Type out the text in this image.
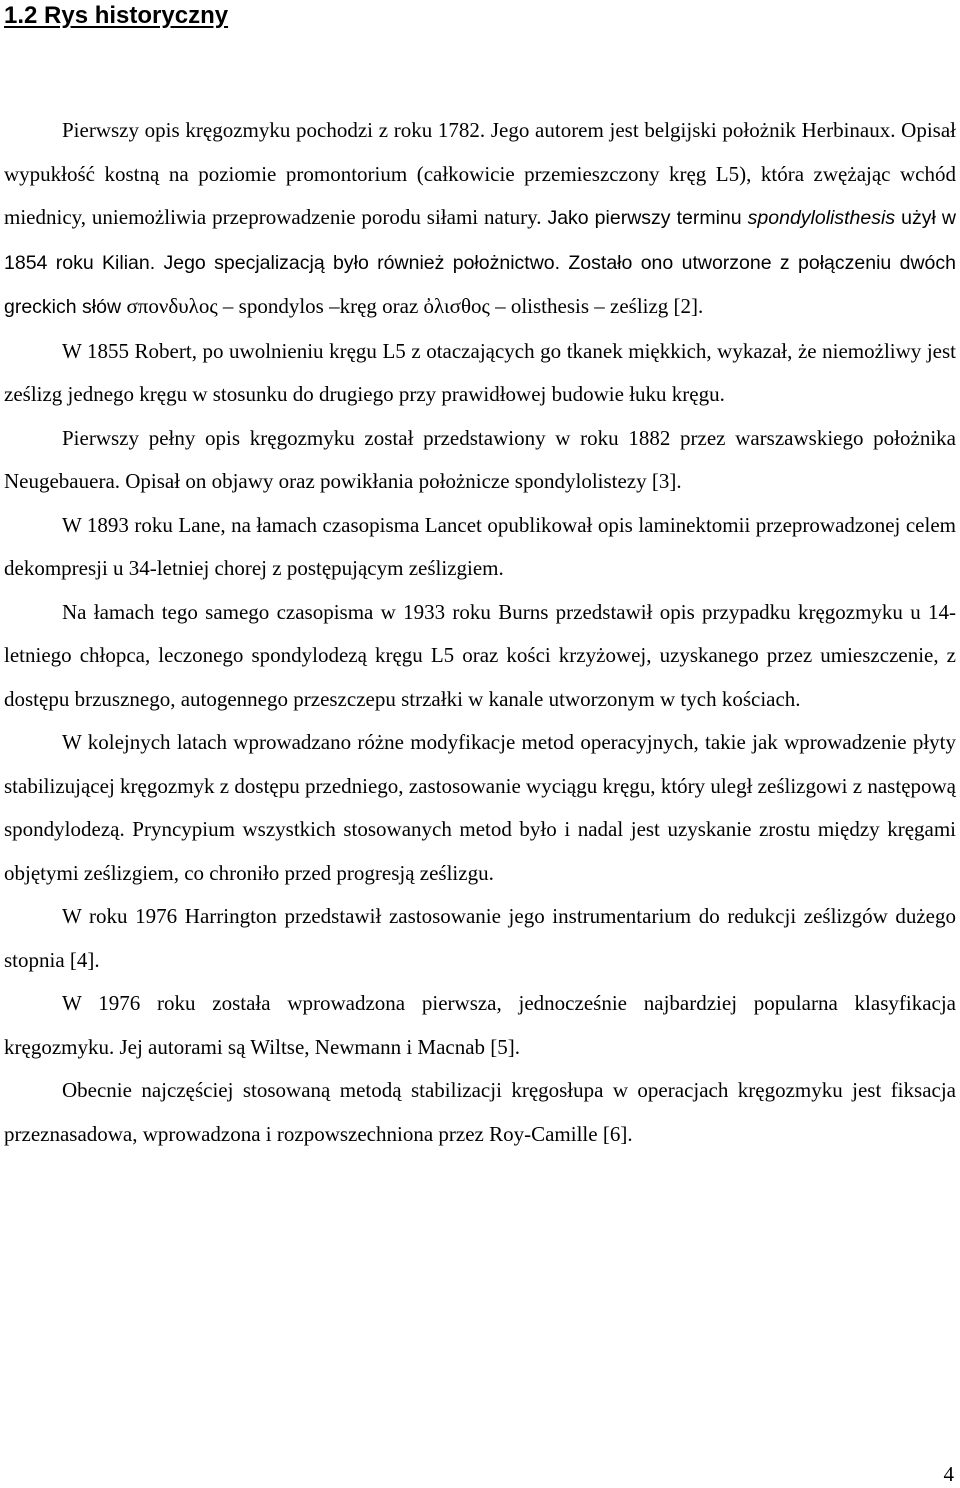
1.2 Rys historyczny

Pierwszy opis kręgozmyku pochodzi z roku 1782. Jego autorem jest belgijski położnik Herbinaux. Opisał wypukłość kostną na poziomie promontorium (całkowicie przemieszczony kręg L5), która zwężając wchód miednicy, uniemożliwia przeprowadzenie porodu siłami natury. Jako pierwszy terminu spondylolisthesis użył w 1854 roku Kilian. Jego specjalizacją było również położnictwo. Zostało ono utworzone z połączeniu dwóch greckich słów σπονδυλος – spondylos –kręg oraz ὀλισθος – olisthesis – ześlizg [2].

W 1855 Robert, po uwolnieniu kręgu L5 z otaczających go tkanek miękkich, wykazał, że niemożliwy jest ześlizg jednego kręgu w stosunku do drugiego przy prawidłowej budowie łuku kręgu.

Pierwszy pełny opis kręgozmyku został przedstawiony w roku 1882 przez warszawskiego położnika Neugebauera. Opisał on objawy oraz powikłania położnicze spondylolistezy [3].

W 1893 roku Lane, na łamach czasopisma Lancet opublikował opis laminektomii przeprowadzonej celem dekompresji u 34-letniej chorej z postępującym ześlizgiem.

Na łamach tego samego czasopisma w 1933 roku Burns przedstawił opis przypadku kręgozmyku u 14-letniego chłopca, leczonego spondylodezą kręgu L5 oraz kości krzyżowej, uzyskanego przez umieszczenie, z dostępu brzusznego, autogennego przeszczepu strzałki w kanale utworzonym w tych kościach.

W kolejnych latach wprowadzano różne modyfikacje metod operacyjnych, takie jak wprowadzenie płyty stabilizującej kręgozmyk z dostępu przedniego, zastosowanie wyciągu kręgu, który uległ ześlizgowi z następową spondylodezą. Pryncypium wszystkich stosowanych metod było i nadal jest uzyskanie zrostu między kręgami objętymi ześlizgiem, co chroniło przed progresją ześlizgu.

W roku 1976 Harrington przedstawił zastosowanie jego instrumentarium do redukcji ześlizgów dużego stopnia [4].

W 1976 roku została wprowadzona pierwsza, jednocześnie najbardziej popularna klasyfikacja kręgozmyku. Jej autorami są Wiltse, Newmann i Macnab [5].

Obecnie najczęściej stosowaną metodą stabilizacji kręgosłupa w operacjach kręgozmyku jest fiksacja przeznasadowa, wprowadzona i rozpowszechniona przez Roy-Camille [6].

4
